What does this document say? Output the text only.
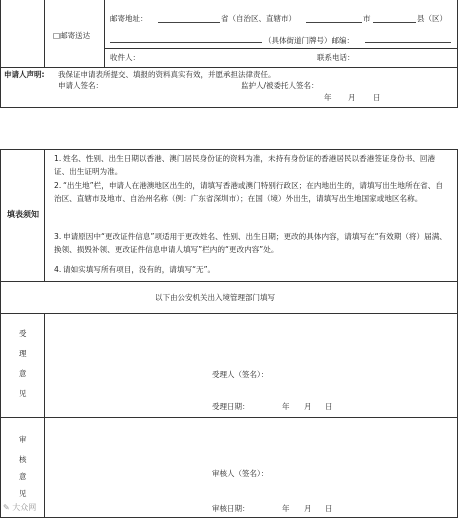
□邮寄送达
邮寄地址：	省（自治区、直辖市）	市	县（区）
（具体街道门牌号）邮编：
收件人：	联系电话：
申请人声明: 我保证申请表所提交、填报的资料真实有效，并愿承担法律责任。
申请人签名：	监护人/被委托人签名：
年 月 日
填表须知
1. 姓名、性别、出生日期以香港、澳门居民身份证的资料为准，未持有身份证的香港居民以香港签证身份书、回港证、出生证明为准。
2. “出生地”栏，申请人在港澳地区出生的，请填写香港或澳门特别行政区；在内地出生的，请填写出生地所在省、自治区、直辖市及地市、自治州名称（例：广东省深圳市）；在国（境）外出生，请填写出生地国家或地区名称。
3. 申请原因中“更改证件信息”项适用于更改姓名、性别、出生日期；更改的具体内容，请填写在“有效期（将）届满、换领、损毁补领、更改证件信息申请人填写”栏内的“更改内容”处。
4. 请如实填写所有项目，没有的，请填写“无”。
以下由公安机关出入境管理部门填写
受
理
意
见
受理人（签名）：
受理日期：	年 月 日
审
核
意
见
审核人（签名）：
审核日期：	年 月 日
✎ 大众网
